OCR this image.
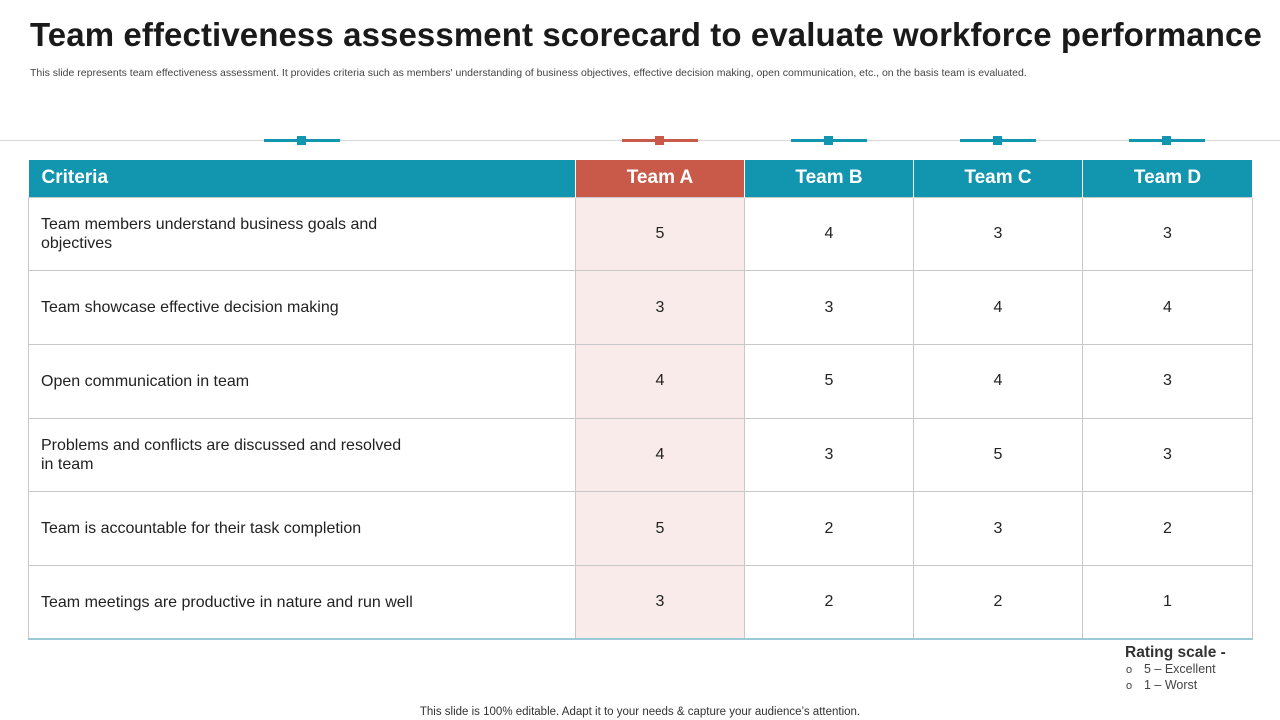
Team effectiveness assessment scorecard to evaluate workforce performance
This slide represents team effectiveness assessment. It provides criteria such as members' understanding of business objectives, effective decision making, open communication, etc., on the basis team is evaluated.
Criteria	Team A	Team B	Team C	Team D
Team members understand business goals and objectives	5	4	3	3
Team showcase effective decision making	3	3	4	4
Open communication in team	4	5	4	3
Problems and conflicts are discussed and resolved in team	4	3	5	3
Team is accountable for their task completion	5	2	3	2
Team meetings are productive in nature and run well	3	2	2	1
Rating scale -
o 5 – Excellent
o 1 – Worst
This slide is 100% editable. Adapt it to your needs & capture your audience’s attention.
